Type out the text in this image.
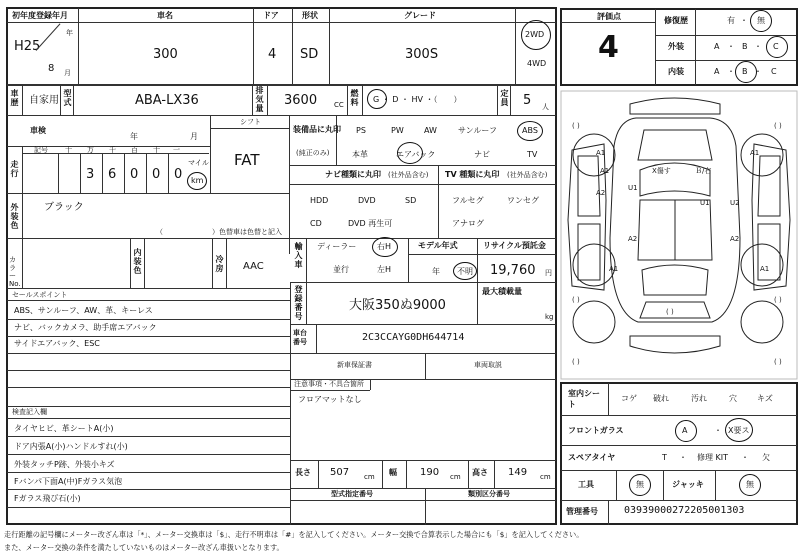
初年度登録年月	車名	ドア	形状	グレード
H25
8 月
年
300	4 SD	300S
2WD
4WD
車歴 自家用
型式	ABA-LX36
排気量
3600 CC
燃料 G ・ D ・ HV ・（　　）
定員 5 人
車検
年	月
シフト
FAT
走行
記号 十 万 千 百 十 一
3 6 0 0 0
マイル
km
装備品に丸印
(純正のみ)
PS	PW	AW	サンルーフ	ABS
本革	エアバック	ナビ	TV
ナビ種類に丸印 (社外品含む)
HDD	DVD	SD
CD	DVD 再生可
TV 種類に丸印 (社外品含む)
フルセグ	ワンセグ
アナログ
外装色
ブラック
（　　　　　　　）色替車は色替と記入
カラーNo.
内装色
冷房 AAC
輸入車
ディーラー
並行
右H
左H
モデル年式
年 不明
リサイクル預託金
19,760 円
セールスポイント
ABS、サンルーフ、AW、革、キーレス
ナビ、バックカメラ、助手席エアバック
サイドエアバック、ESC
登録番号
大阪350ぬ9000
最大積載量
kg
車台番号	2C3CCAYG0DH644714
新車保証書	車両取説
注意事項・不具合箇所
フロアマットなし
検査記入欄
タイヤヒビ、革シートA(小)
ドア内張A(小)ハンドルすれ(小)
外装タッチP跡、外装小キズ
Fバンパ下面A(中)Fガラス気泡
Fガラス飛び石(小)
長さ 507 cm 幅 190 cm 高さ 149 cm
型式指定番号	類別区分番号
評価点
4
修復歴	有 ・ 無
外装	A ・ B ・ C
内装	A ・ B ・ C
( )	( )
( )	( )
( )	( )
( )
A1	A1
A1
A2
U1
U2
U1
A2	A2
A1	A1
X傷す	Ｂ/右
室内シート
コゲ 破れ	汚れ	穴	キズ
フロントガラス	A	・ X要ス
スペアタイヤ	T ・ 修理 KIT ・ 欠
工具	無	ジャッキ	無
管理番号	0393900027220500130​3
走行距離の記号欄にメーター改ざん車は「*」、メーター交換車は「$」、走行不明車は「#」を記入してください。メーター交換で合算表示した場合にも「$」を記入してください。
また、メーター交換の条件を満たしていないものはメーター改ざん車扱いとなります。
